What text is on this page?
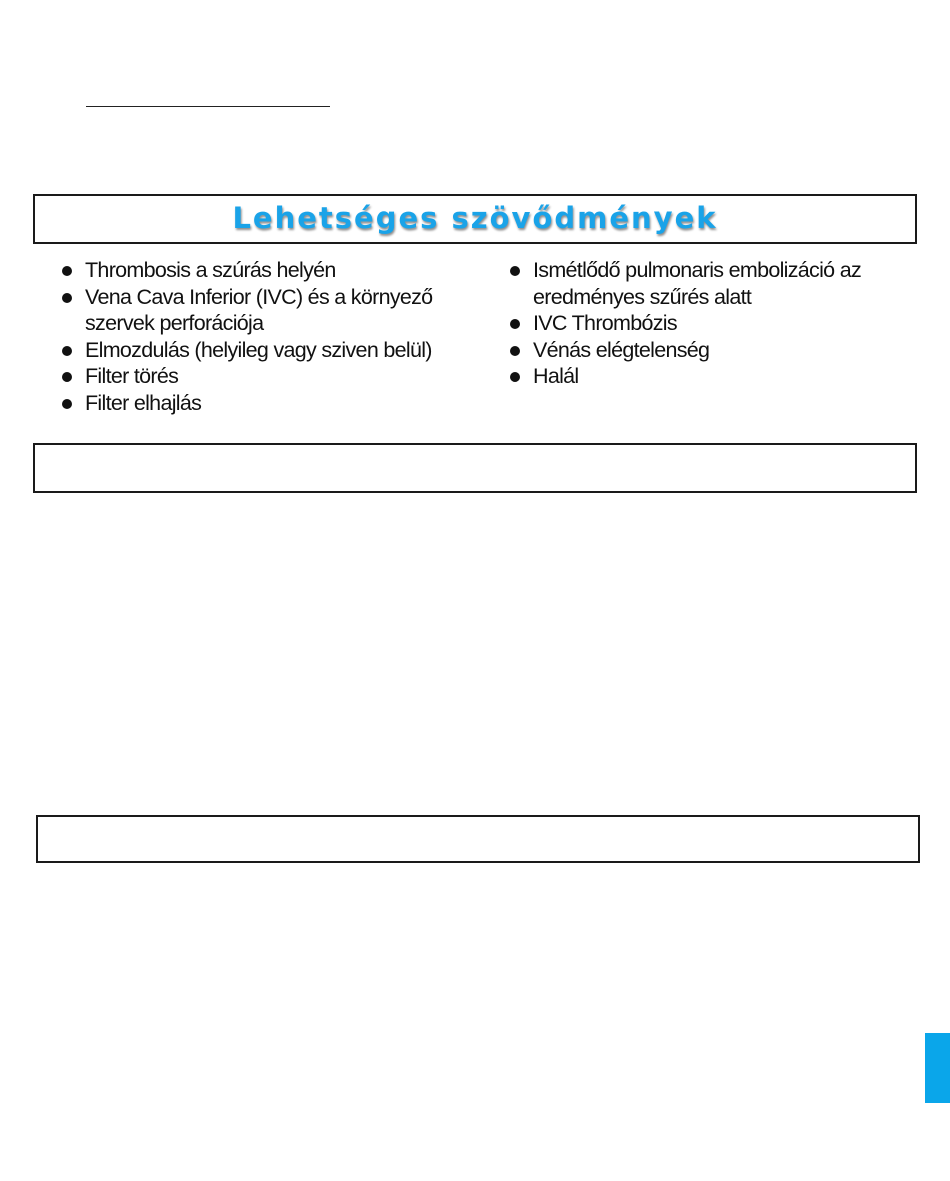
Lehetséges szövődmények
Thrombosis a szúrás helyén
Vena Cava Inferior (IVC) és a környező szervek perforációja
Elmozdulás (helyileg vagy sziven belül)
Filter törés
Filter elhajlás
Ismétlődő pulmonaris embolizáció az eredményes szűrés alatt
IVC Thrombózis
Vénás elégtelenség
Halál
